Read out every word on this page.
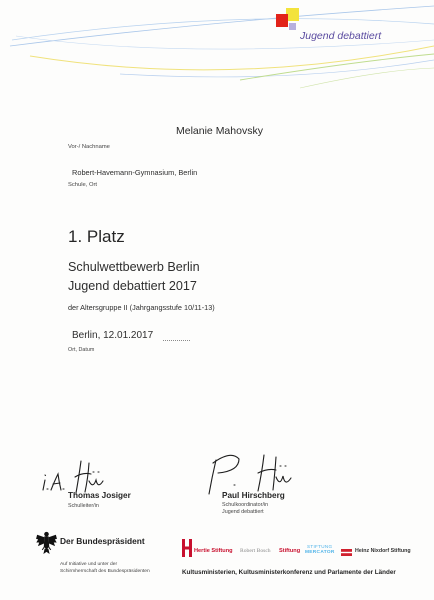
Jugend debattiert
Melanie Mahovsky
Vor-/ Nachname
Robert-Havemann-Gymnasium, Berlin
Schule, Ort
1. Platz
Schulwettbewerb Berlin
Jugend debattiert 2017
der Altersgruppe II (Jahrgangsstufe 10/11-13)
Berlin, 12.01.2017
Ort, Datum
Thomas Josiger
Schulleiter/in
Paul Hirschberg
Schulkoordinator/in
Jugend debattiert
Der Bundespräsident
Auf Initiative und unter der
Schirmherrschaft des Bundespräsidenten
Hertie Stiftung Robert Bosch Stiftung
STIFTUNG
MERCATOR	Heinz Nixdorf Stiftung
Kultusministerien, Kultusministerkonferenz und Parlamente der Länder
